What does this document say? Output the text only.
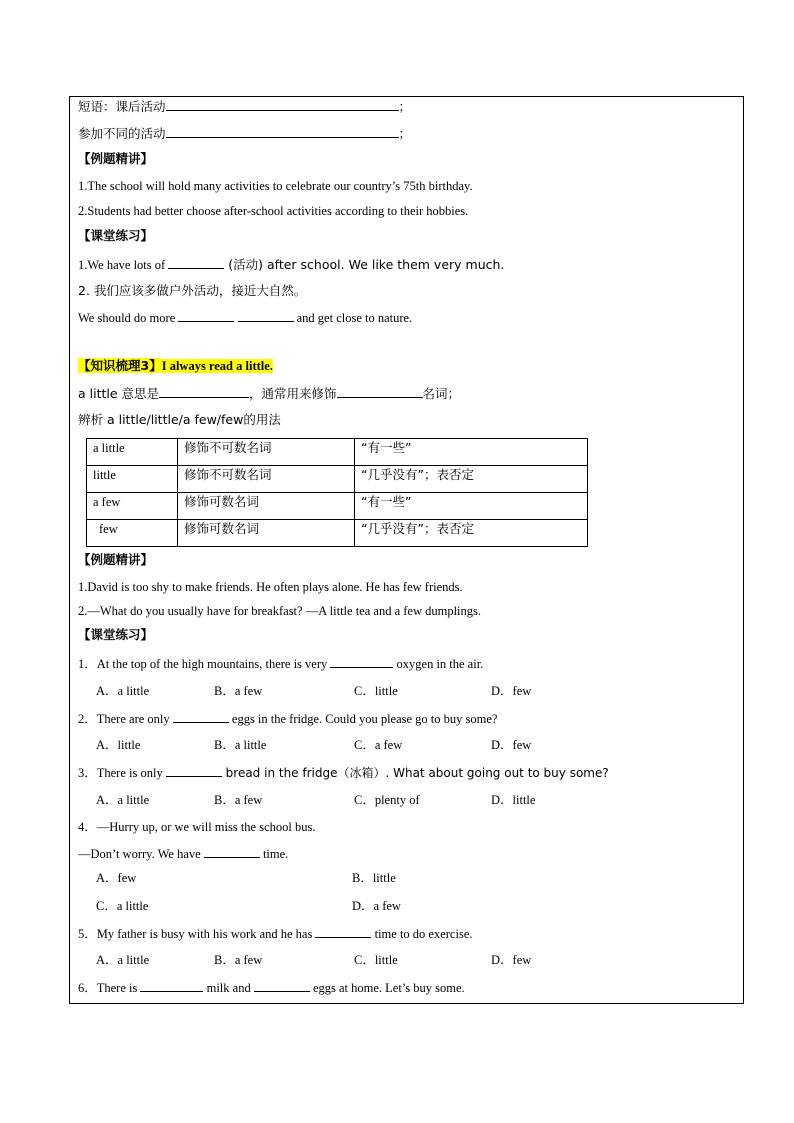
短语：课后活动	；
参加不同的活动	；
【例题精讲】
1.The school will hold many activities to celebrate our country’s 75th birthday.
2.Students had better choose after-school activities according to their hobbies.
【课堂练习】
1.We have lots of	(活动) after school. We like them very much.
2. 我们应该多做户外活动，接近大自然。
We should do more	and get close to nature.
【知识梳理3】I always read a little.
a little 意思是	，通常用来修饰	名词；
辨析 a little/little/a few/few的用法
a little	修饰不可数名词	“有一些”
little	修饰不可数名词	“几乎没有”；表否定
a few	修饰可数名词	“有一些”
few	修饰可数名词	“几乎没有”；表否定
【例题精讲】
1.David is too shy to make friends. He often plays alone. He has few friends.
2.—What do you usually have for breakfast? —A little tea and a few dumplings.
【课堂练习】
1．At the top of the high mountains, there is very	oxygen in the air.
A．a little	B．a few	C．little	D．few
2．There are only	eggs in the fridge. Could you please go to buy some?
A．little	B．a little	C．a few	D．few
3．There is only	bread in the fridge（冰箱）. What about going out to buy some?
A．a little	B．a few	C．plenty of	D．little
4．—Hurry up, or we will miss the school bus.
—Don’t worry. We have	time.
A．few	B．little
C．a little	D．a few
5．My father is busy with his work and he has	time to do exercise.
A．a little	B．a few	C．little	D．few
6．There is	milk and	eggs at home. Let’s buy some.
